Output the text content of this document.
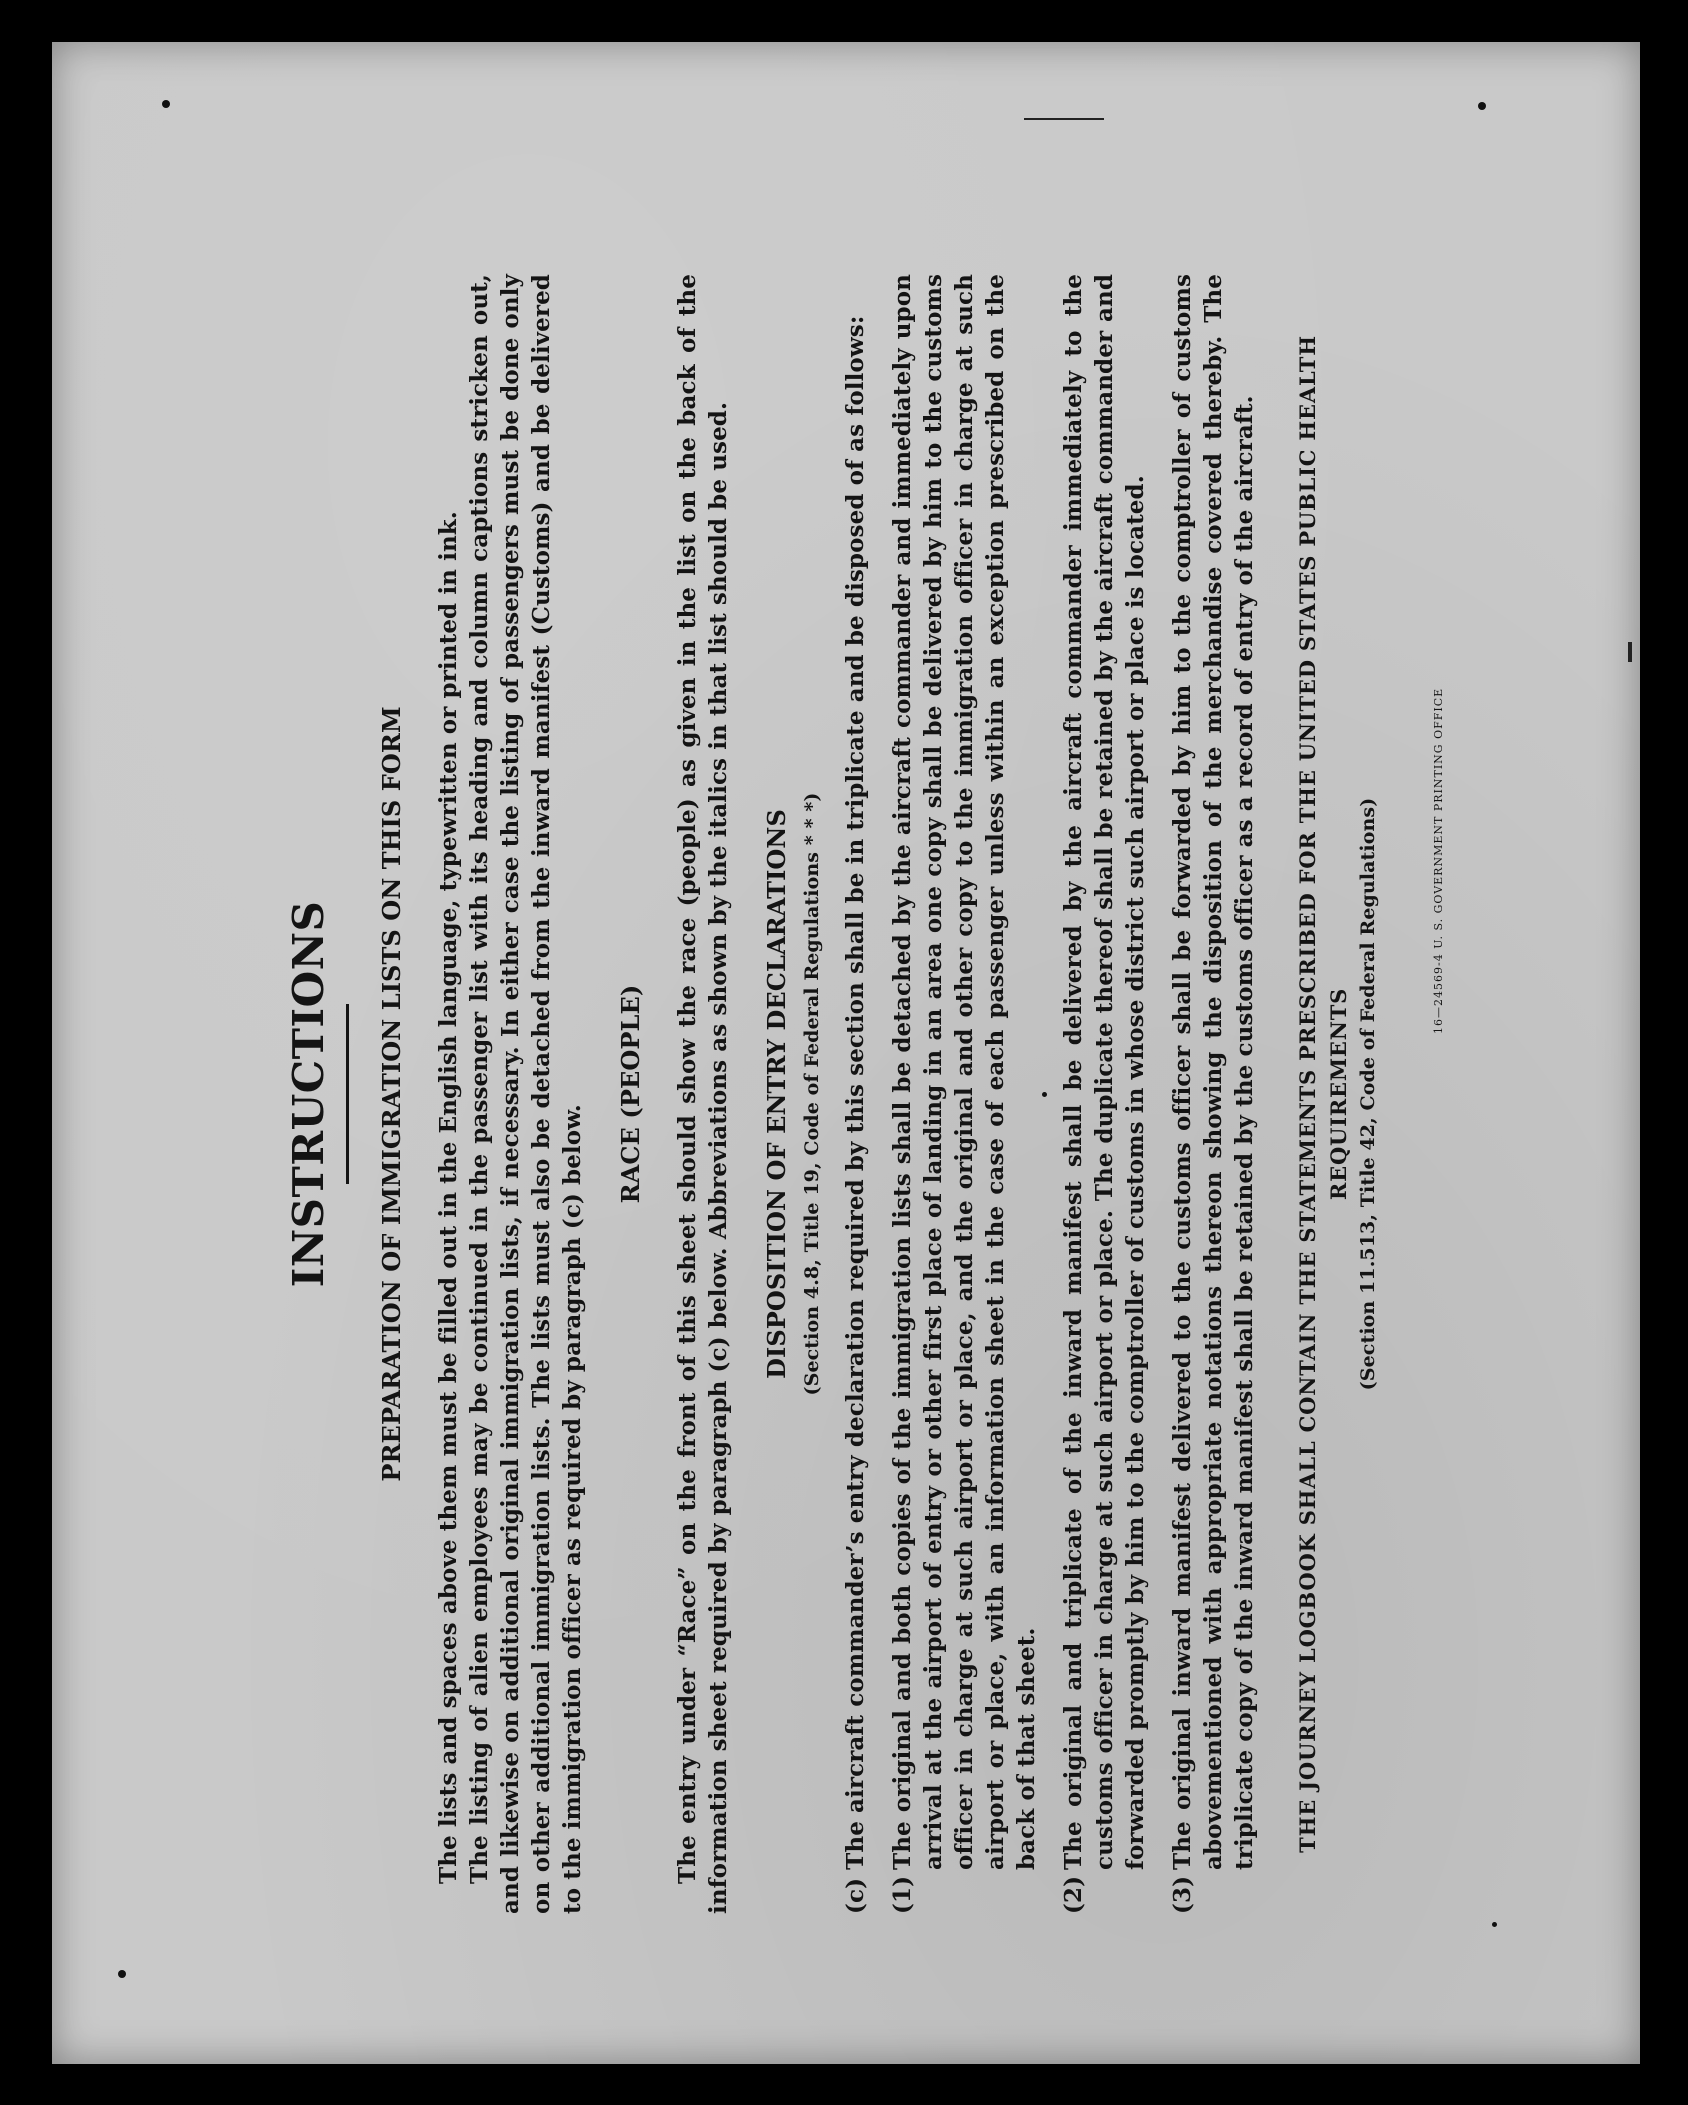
INSTRUCTIONS PREPARATION OF IMMIGRATION LISTS ON THIS FORM The lists and spaces above them must be filled out in the English language, typewritten or printed in ink. The listing of alien employees may be continued in the passenger list with its heading and column captions stricken out, and likewise on additional original immigration lists, if necessary. In either case the listing of passengers must be done only on other additional immigration lists. The lists must also be detached from the inward manifest (Customs) and be delivered to the immigration officer as required by paragraph (c) below.

RACE (PEOPLE) The entry under “Race” on the front of this sheet should show the race (people) as given in the list on the back of the information sheet required by paragraph (c) below. Abbreviations as shown by the italics in that list should be used. DISPOSITION OF ENTRY DECLARATIONS (Section 4.8, Title 19, Code of Federal Regulations * * *) (c) The aircraft commander’s entry declaration required by this section shall be in triplicate and be disposed of as follows: (1)
The original and both copies of the immigration lists shall be detached by the aircraft commander and immediately upon arrival at the airport of entry or other first place of landing in an area one copy shall be delivered by him to the customs officer in charge at such airport or place, and the original and other copy to the immigration officer in charge at such airport or place, with an information sheet in the case of each passenger unless within an exception prescribed on the back of that sheet.
(2)
The original and triplicate of the inward manifest shall be delivered by the aircraft commander immediately to the customs officer in charge at such airport or place. The duplicate thereof shall be retained by the aircraft commander and forwarded promptly by him to the comptroller of customs in whose district such airport or place is located.
(3)
The original inward manifest delivered to the customs officer shall be forwarded by him to the comptroller of customs abovementioned with appropriate notations thereon showing the disposition of the merchandise covered thereby. The triplicate copy of the inward manifest shall be retained by the customs officer as a record of entry of the aircraft. THE JOURNEY LOGBOOK SHALL CONTAIN THE STATEMENTS PRESCRIBED FOR THE UNITED STATES PUBLIC HEALTH REQUIREMENTS (Section 11.513, Title 42, Code of Federal Regulations)	16—24569-4 U. S. GOVERNMENT PRINTING OFFICE
